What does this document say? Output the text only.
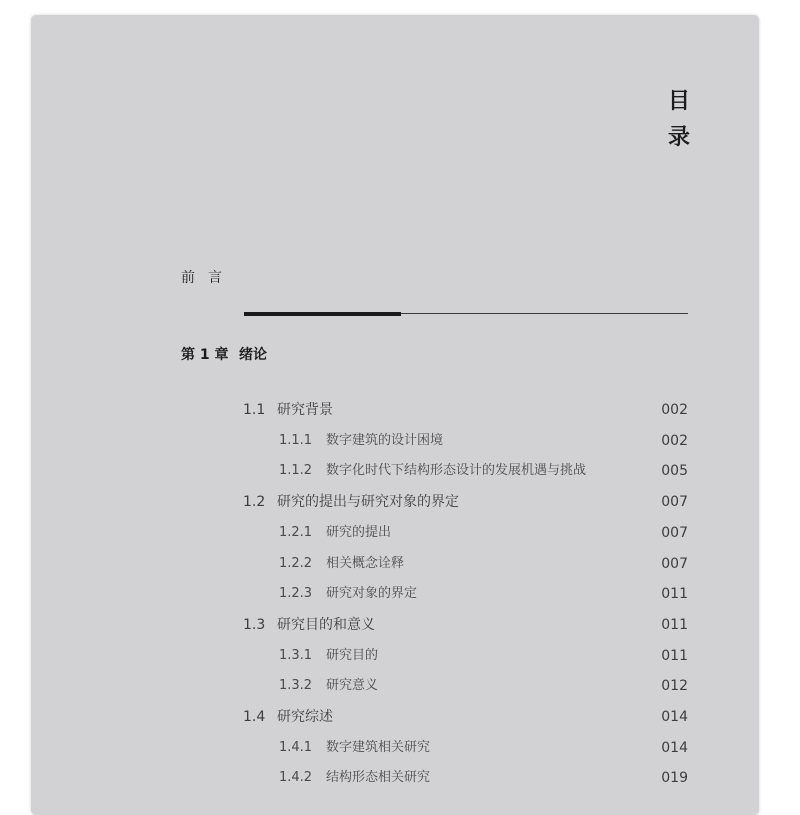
目
录
前言
第 1 章 绪论
1.1 研究背景	002
1.1.1 数字建筑的设计困境	002
1.1.2 数字化时代下结构形态设计的发展机遇与挑战	005
1.2 研究的提出与研究对象的界定	007
1.2.1 研究的提出	007
1.2.2 相关概念诠释	007
1.2.3 研究对象的界定	011
1.3 研究目的和意义	011
1.3.1 研究目的	011
1.3.2 研究意义	012
1.4 研究综述	014
1.4.1 数字建筑相关研究	014
1.4.2 结构形态相关研究	019
